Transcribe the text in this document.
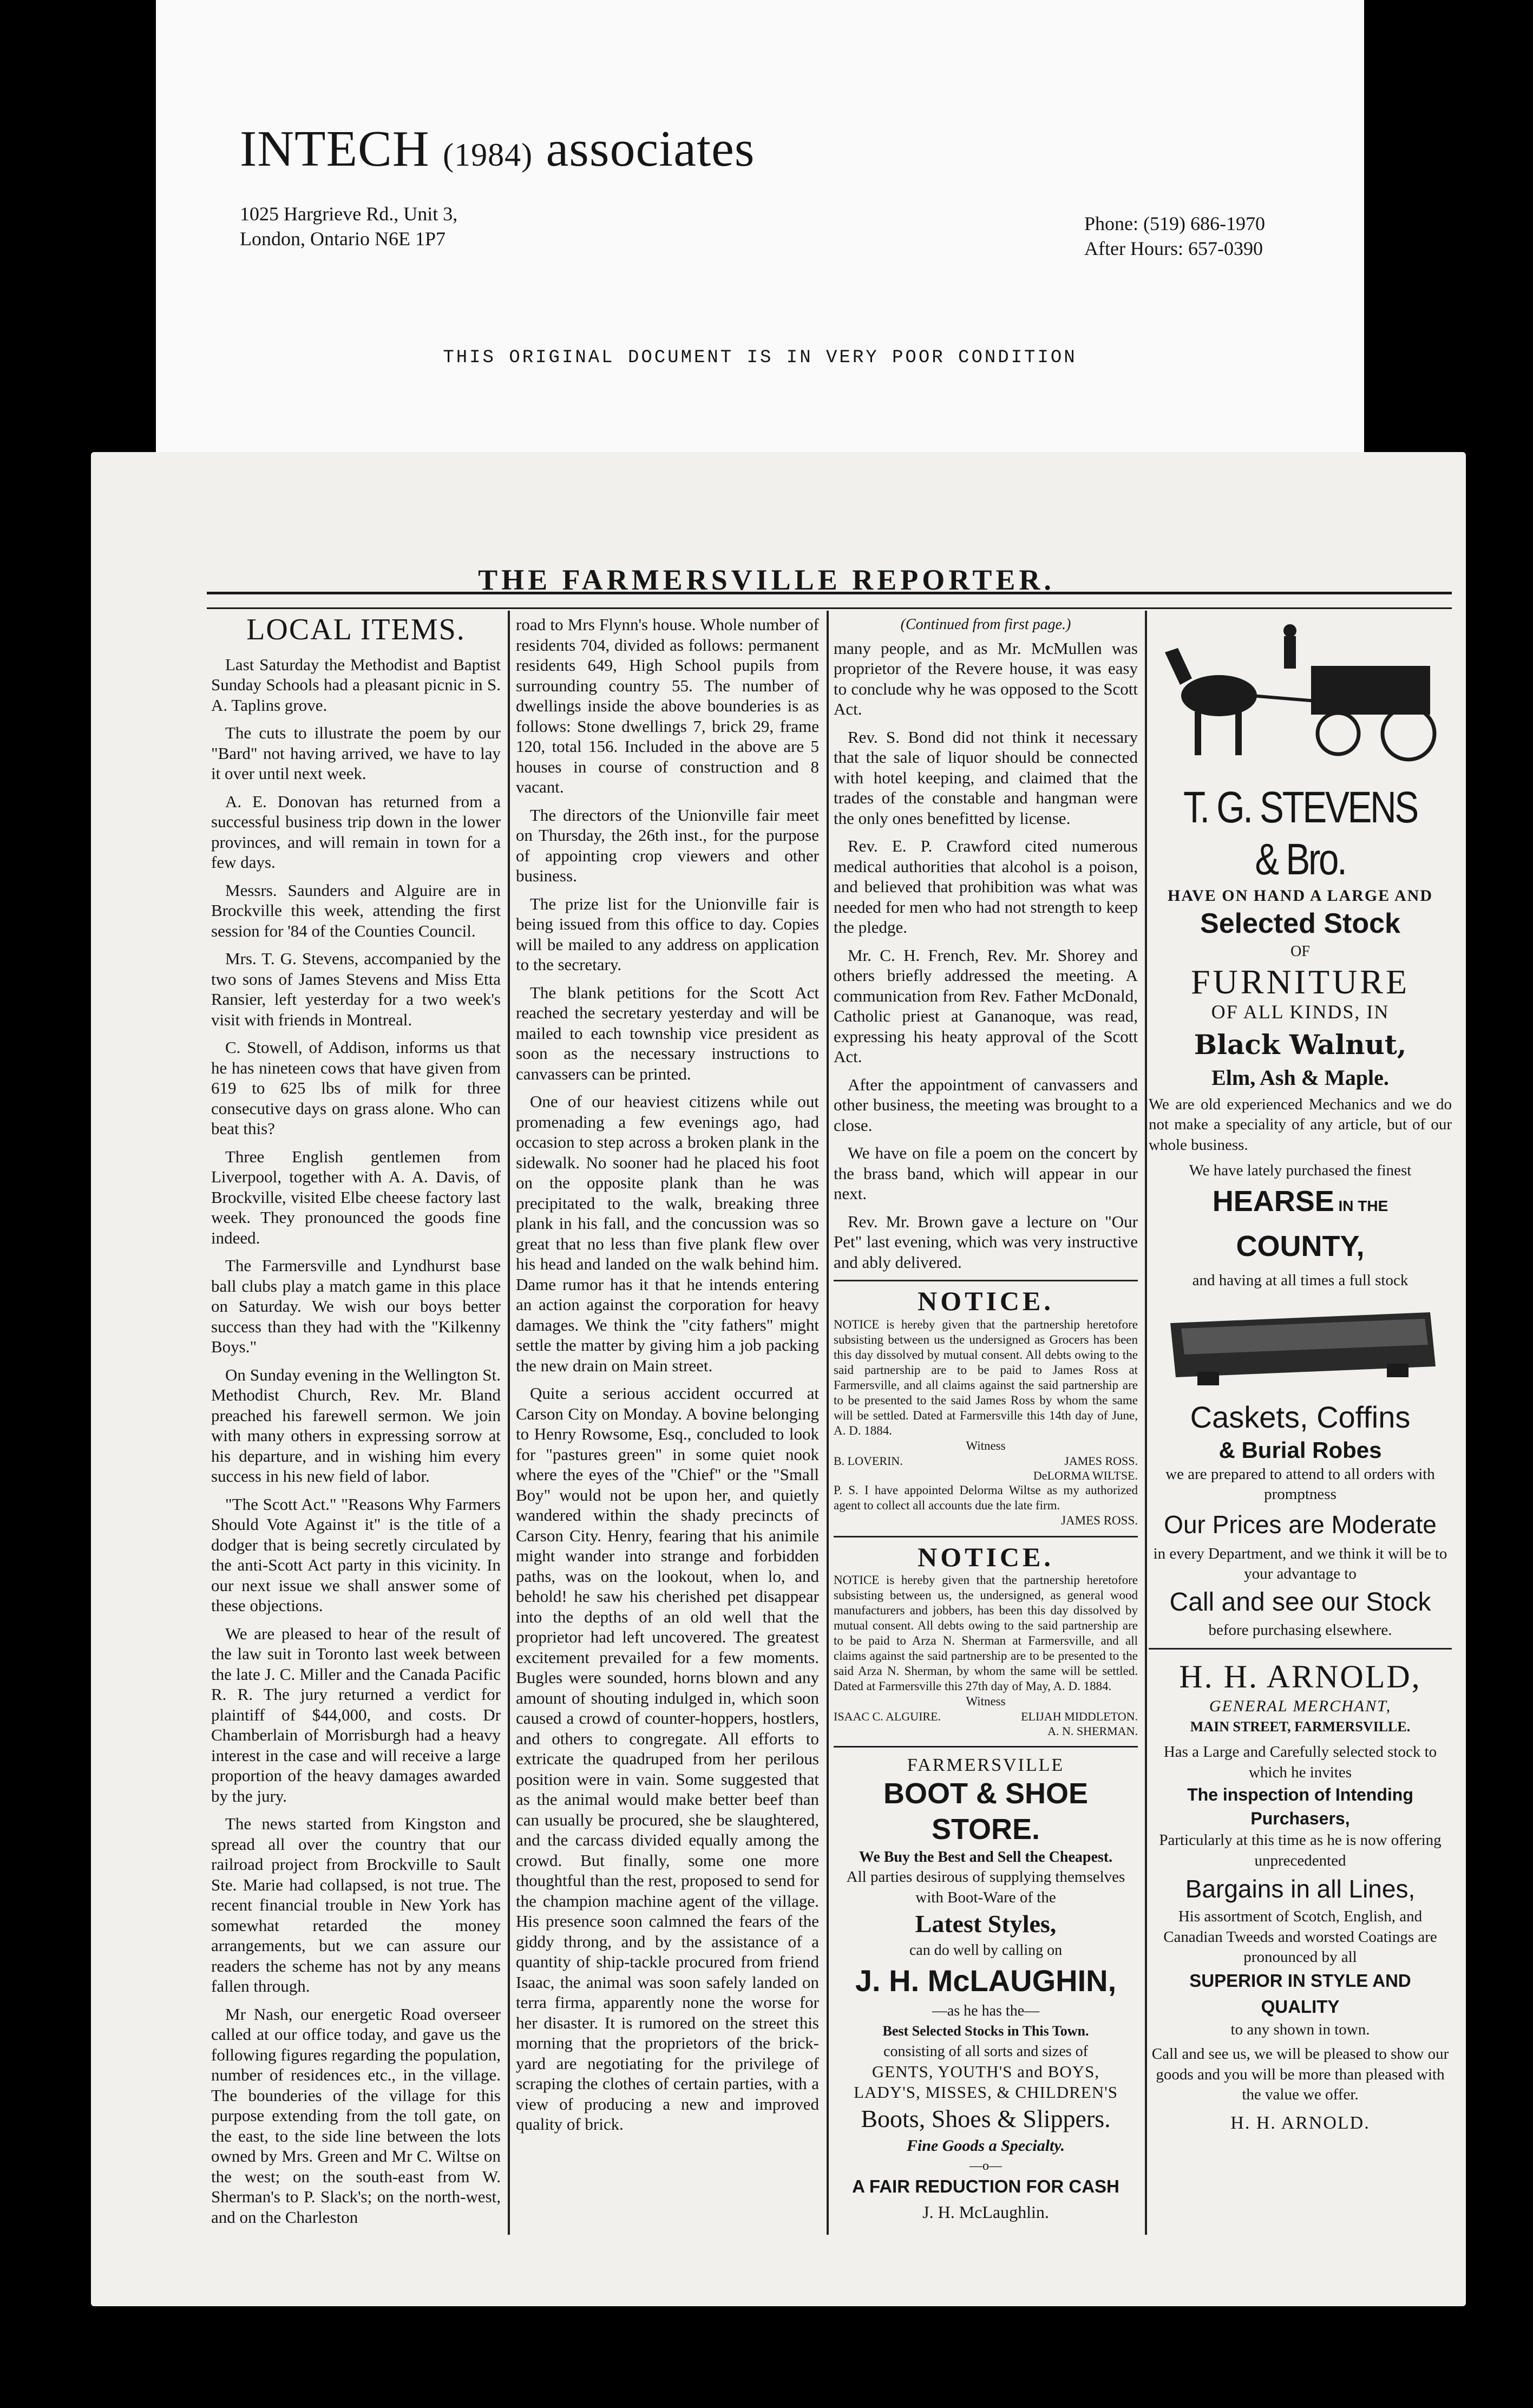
INTECH (1984) associates
1025 Hargrieve Rd., Unit 3,
London, Ontario N6E 1P7
Phone: (519) 686-1970
After Hours: 657-0390
THIS ORIGINAL DOCUMENT IS IN VERY POOR CONDITION
THE FARMERSVILLE REPORTER.
LOCAL ITEMS.

Last Saturday the Methodist and Baptist Sunday Schools had a pleasant picnic in S. A. Taplins grove.

The cuts to illustrate the poem by our "Bard" not having arrived, we have to lay it over until next week.

A. E. Donovan has returned from a successful business trip down in the lower provinces, and will remain in town for a few days.

Messrs. Saunders and Alguire are in Brockville this week, attending the first session for '84 of the Counties Council.

Mrs. T. G. Stevens, accompanied by the two sons of James Stevens and Miss Etta Ransier, left yesterday for a two week's visit with friends in Montreal.

C. Stowell, of Addison, informs us that he has nineteen cows that have given from 619 to 625 lbs of milk for three consecutive days on grass alone. Who can beat this?

Three English gentlemen from Liverpool, together with A. A. Davis, of Brockville, visited Elbe cheese factory last week. They pronounced the goods fine indeed.

The Farmersville and Lyndhurst base ball clubs play a match game in this place on Saturday. We wish our boys better success than they had with the "Kilkenny Boys."

On Sunday evening in the Wellington St. Methodist Church, Rev. Mr. Bland preached his farewell sermon. We join with many others in expressing sorrow at his departure, and in wishing him every success in his new field of labor.

"The Scott Act." "Reasons Why Farmers Should Vote Against it" is the title of a dodger that is being secretly circulated by the anti-Scott Act party in this vicinity. In our next issue we shall answer some of these objections.

We are pleased to hear of the result of the law suit in Toronto last week between the late J. C. Miller and the Canada Pacific R. R. The jury returned a verdict for plaintiff of $44,000, and costs. Dr Chamberlain of Morrisburgh had a heavy interest in the case and will receive a large proportion of the heavy damages awarded by the jury.

The news started from Kingston and spread all over the country that our railroad project from Brockville to Sault Ste. Marie had collapsed, is not true. The recent financial trouble in New York has somewhat retarded the money arrangements, but we can assure our readers the scheme has not by any means fallen through.

Mr Nash, our energetic Road overseer called at our office today, and gave us the following figures regarding the population, number of residences etc., in the village. The bounderies of the village for this purpose extending from the toll gate, on the east, to the side line between the lots owned by Mrs. Green and Mr C. Wiltse on the west; on the south-east from W. Sherman's to P. Slack's; on the north-west, and on the Charleston

road to Mrs Flynn's house. Whole number of residents 704, divided as follows: permanent residents 649, High School pupils from surrounding country 55. The number of dwellings inside the above bounderies is as follows: Stone dwellings 7, brick 29, frame 120, total 156. Included in the above are 5 houses in course of construction and 8 vacant.

The directors of the Unionville fair meet on Thursday, the 26th inst., for the purpose of appointing crop viewers and other business.

The prize list for the Unionville fair is being issued from this office to day. Copies will be mailed to any address on application to the secretary.

The blank petitions for the Scott Act reached the secretary yesterday and will be mailed to each township vice president as soon as the necessary instructions to canvassers can be printed.

One of our heaviest citizens while out promenading a few evenings ago, had occasion to step across a broken plank in the sidewalk. No sooner had he placed his foot on the opposite plank than he was precipitated to the walk, breaking three plank in his fall, and the concussion was so great that no less than five plank flew over his head and landed on the walk behind him. Dame rumor has it that he intends entering an action against the corporation for heavy damages. We think the "city fathers" might settle the matter by giving him a job packing the new drain on Main street.

Quite a serious accident occurred at Carson City on Monday. A bovine belonging to Henry Rowsome, Esq., concluded to look for "pastures green" in some quiet nook where the eyes of the "Chief" or the "Small Boy" would not be upon her, and quietly wandered within the shady precincts of Carson City. Henry, fearing that his animile might wander into strange and forbidden paths, was on the lookout, when lo, and behold! he saw his cherished pet disappear into the depths of an old well that the proprietor had left uncovered. The greatest excitement prevailed for a few moments. Bugles were sounded, horns blown and any amount of shouting indulged in, which soon caused a crowd of counter-hoppers, hostlers, and others to congregate. All efforts to extricate the quadruped from her perilous position were in vain. Some suggested that as the animal would make better beef than can usually be procured, she be slaughtered, and the carcass divided equally among the crowd. But finally, some one more thoughtful than the rest, proposed to send for the champion machine agent of the village. His presence soon calmned the fears of the giddy throng, and by the assistance of a quantity of ship-tackle procured from friend Isaac, the animal was soon safely landed on terra firma, apparently none the worse for her disaster. It is rumored on the street this morning that the proprietors of the brick-yard are negotiating for the privilege of scraping the clothes of certain parties, with a view of producing a new and improved quality of brick.

(Continued from first page.)

many people, and as Mr. McMullen was proprietor of the Revere house, it was easy to conclude why he was opposed to the Scott Act.

Rev. S. Bond did not think it necessary that the sale of liquor should be connected with hotel keeping, and claimed that the trades of the constable and hangman were the only ones benefitted by license.

Rev. E. P. Crawford cited numerous medical authorities that alcohol is a poison, and believed that prohibition was what was needed for men who had not strength to keep the pledge.

Mr. C. H. French, Rev. Mr. Shorey and others briefly addressed the meeting. A communication from Rev. Father McDonald, Catholic priest at Gananoque, was read, expressing his heaty approval of the Scott Act.

After the appointment of canvassers and other business, the meeting was brought to a close.

We have on file a poem on the concert by the brass band, which will appear in our next.

Rev. Mr. Brown gave a lecture on "Our Pet" last evening, which was very instructive and ably delivered.

NOTICE.

NOTICE is hereby given that the partnership heretofore subsisting between us the undersigned as Grocers has been this day dissolved by mutual consent. All debts owing to the said partnership are to be paid to James Ross at Farmersville, and all claims against the said partnership are to be presented to the said James Ross by whom the same will be settled. Dated at Farmersville this 14th day of June, A. D. 1884.

Witness
B. LOVERIN.	JAMES ROSS.
DeLORMA WILTSE.

P. S. I have appointed Delorma Wiltse as my authorized agent to collect all accounts due the late firm.

JAMES ROSS.
NOTICE.

NOTICE is hereby given that the partnership heretofore subsisting between us, the undersigned, as general wood manufacturers and jobbers, has been this day dissolved by mutual consent. All debts owing to the said partnership are to be paid to Arza N. Sherman at Farmersville, and all claims against the said partnership are to be presented to the said Arza N. Sherman, by whom the same will be settled. Dated at Farmersville this 27th day of May, A. D. 1884.

Witness
ISAAC C. ALGUIRE.	ELIJAH MIDDLETON.
A. N. SHERMAN.
FARMERSVILLE
BOOT & SHOE STORE.
We Buy the Best and Sell the Cheapest.
All parties desirous of supplying themselves with Boot-Ware of the
Latest Styles,
can do well by calling on
J. H. McLAUGHIN,
—as he has the—
Best Selected Stocks in This Town.
consisting of all sorts and sizes of
GENTS, YOUTH'S and BOYS,
LADY'S, MISSES, & CHILDREN'S
Boots, Shoes & Slippers.
Fine Goods a Specialty.
—o—
A FAIR REDUCTION FOR CASH
J. H. McLaughlin.
T. G. STEVENS & Bro.
HAVE ON HAND A LARGE AND
Selected Stock
OF
FURNITURE
OF ALL KINDS, IN
Black Walnut,
Elm, Ash & Maple.
We are old experienced Mechanics and we do not make a speciality of any article, but of our whole business.
We have lately purchased the finest
HEARSE IN THE COUNTY,
and having at all times a full stock
Caskets, Coffins
& Burial Robes
we are prepared to attend to all orders with promptness
Our Prices are Moderate
in every Department, and we think it will be to your advantage to
Call and see our Stock
before purchasing elsewhere.
H. H. ARNOLD,
GENERAL MERCHANT,
MAIN STREET, FARMERSVILLE.
Has a Large and Carefully selected stock to which he invites
The inspection of Intending Purchasers,
Particularly at this time as he is now offering unprecedented
Bargains in all Lines,
His assortment of Scotch, English, and Canadian Tweeds and worsted Coatings are pronounced by all
SUPERIOR IN STYLE AND QUALITY
to any shown in town.
Call and see us, we will be pleased to show our goods and you will be more than pleased with the value we offer.
H. H. ARNOLD.
